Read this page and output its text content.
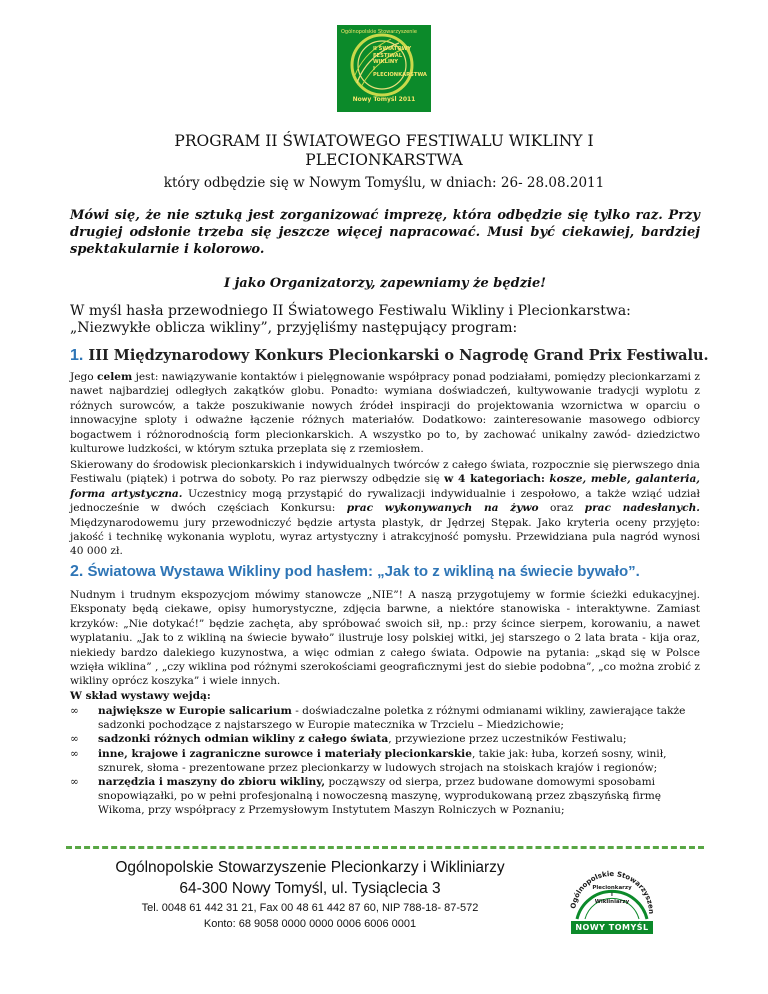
Ogólnopolskie Stowarzyszenie
II ŚWIATOWY
FESTIWAL
WIKLINY
I PLECIONKARSTWA
Nowy Tomyśl 2011
PROGRAM II ŚWIATOWEGO FESTIWALU WIKLINY I
PLECIONKARSTWA
który odbędzie się w Nowym Tomyślu, w dniach: 26- 28.08.2011
Mówi się, że nie sztuką jest zorganizować imprezę, która odbędzie się tylko raz. Przy drugiej odsłonie trzeba się jeszcze więcej napracować. Musi być ciekawiej, bardziej spektakularnie i kolorowo.
I jako Organizatorzy, zapewniamy że będzie!
W myśl hasła przewodniego II Światowego Festiwalu Wikliny i Plecionkarstwa: „Niezwykłe oblicza wikliny”, przyjęliśmy następujący program:
1. III Międzynarodowy Konkurs Plecionkarski o Nagrodę Grand Prix Festiwalu.
Jego celem jest: nawiązywanie kontaktów i pielęgnowanie współpracy ponad podziałami, pomiędzy plecionkarzami z nawet najbardziej odległych zakątków globu. Ponadto: wymiana doświadczeń, kultywowanie tradycji wyplotu z różnych surowców, a także poszukiwanie nowych źródeł inspiracji do projektowania wzornictwa w oparciu o innowacyjne sploty i odważne łączenie różnych materiałów. Dodatkowo: zainteresowanie masowego odbiorcy bogactwem i różnorodnością form plecionkarskich. A wszystko po to, by zachować unikalny zawód- dziedzictwo kulturowe ludzkości, w którym sztuka przeplata się z rzemiosłem.
Skierowany do środowisk plecionkarskich i indywidualnych twórców z całego świata, rozpocznie się pierwszego dnia Festiwalu (piątek) i potrwa do soboty. Po raz pierwszy odbędzie się w 4 kategoriach: kosze, meble, galanteria, forma artystyczna. Uczestnicy mogą przystąpić do rywalizacji indywidualnie i zespołowo, a także wziąć udział jednocześnie w dwóch częściach Konkursu: prac wykonywanych na żywo oraz prac nadesłanych. Międzynarodowemu jury przewodniczyć będzie artysta plastyk, dr Jędrzej Stępak. Jako kryteria oceny przyjęto: jakość i technikę wykonania wyplotu, wyraz artystyczny i atrakcyjność pomysłu. Przewidziana pula nagród wynosi 40 000 zł.
2. Światowa Wystawa Wikliny pod hasłem: „Jak to z wikliną na świecie bywało”.
Nudnym i trudnym ekspozycjom mówimy stanowcze „NIE”! A naszą przygotujemy w formie ścieżki edukacyjnej. Eksponaty będą ciekawe, opisy humorystyczne, zdjęcia barwne, a niektóre stanowiska - interaktywne. Zamiast krzyków: „Nie dotykać!” będzie zachęta, aby spróbować swoich sił, np.: przy ścince sierpem, korowaniu, a nawet wyplataniu. „Jak to z wikliną na świecie bywało” ilustruje losy polskiej witki, jej starszego o 2 lata brata - kija oraz, niekiedy bardzo dalekiego kuzynostwa, a więc odmian z całego świata. Odpowie na pytania: „skąd się w Polsce wzięła wiklina” , „czy wiklina pod różnymi szerokościami geograficznymi jest do siebie podobna”, „co można zrobić z wikliny oprócz koszyka” i wiele innych.
W skład wystawy wejdą:
∞ największe w Europie salicarium - doświadczalne poletka z różnymi odmianami wikliny, zawierające także sadzonki pochodzące z najstarszego w Europie matecznika w Trzcielu – Miedzichowie;
∞ sadzonki różnych odmian wikliny z całego świata, przywiezione przez uczestników Festiwalu;
∞ inne, krajowe i zagraniczne surowce i materiały plecionkarskie, takie jak: łuba, korzeń sosny, winił, sznurek, słoma - prezentowane przez plecionkarzy w ludowych strojach na stoiskach krajów i regionów;
∞ narzędzia i maszyny do zbioru wikliny, począwszy od sierpa, przez budowane domowymi sposobami snopowiązałki, po w pełni profesjonalną i nowoczesną maszynę, wyprodukowaną przez zbąszyńską firmę Wikoma, przy współpracy z Przemysłowym Instytutem Maszyn Rolniczych w Poznaniu;
Ogólnopolskie Stowarzyszenie Plecionkarzy i Wikliniarzy
64-300 Nowy Tomyśl, ul. Tysiąclecia 3
Tel. 0048 61 442 31 21, Fax 00 48 61 442 87 60, NIP 788-18- 87-572
Konto: 68 9058 0000 0000 0006 6006 0001
Ogólnopolskie Stowarzyszen
Plecionkarzy
i
Wikliniarzy
NOWY TOMYŚL
